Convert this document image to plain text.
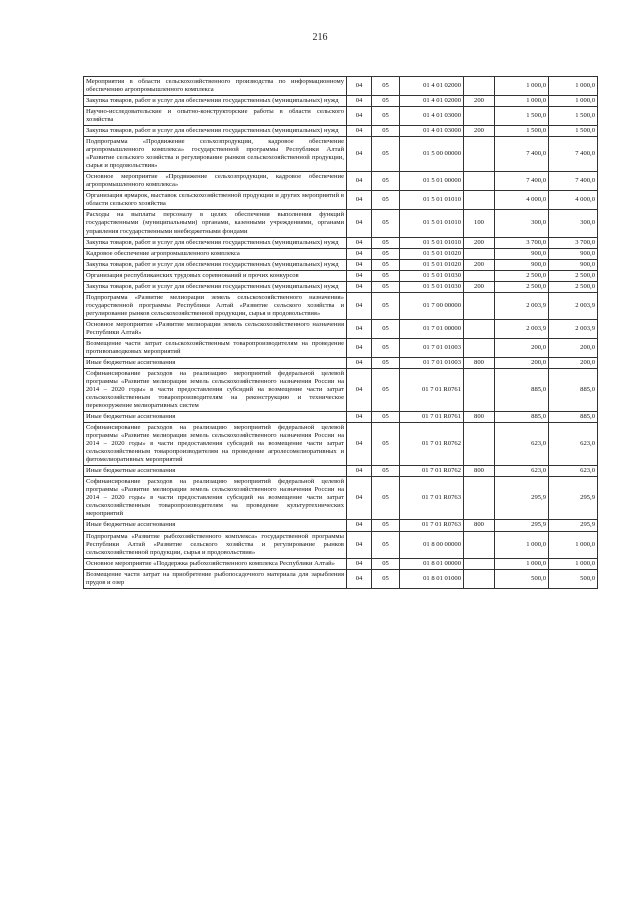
216
Мероприятия в области сельскохозяйственного производства по информационному обеспечению агропромышленного комплекса	04	05	01 4 01 02000		1 000,0	1 000,0
Закупка товаров, работ и услуг для обеспечения государственных (муниципальных) нужд	04	05	01 4 01 02000	200	1 000,0	1 000,0
Научно-исследовательские и опытно-конструкторские работы в области сельского хозяйства	04	05	01 4 01 03000		1 500,0	1 500,0
Закупка товаров, работ и услуг для обеспечения государственных (муниципальных) нужд	04	05	01 4 01 03000	200	1 500,0	1 500,0
Подпрограмма «Продвижение сельхозпродукции, кадровое обеспечение агропромышленного комплекса» государственной программы Республики Алтай «Развитие сельского хозяйства и регулирование рынков сельскохозяйственной продукции, сырья и продовольствия»	04	05	01 5 00 00000		7 400,0	7 400,0
Основное мероприятие «Продвижение сельхозпродукции, кадровое обеспечение агропромышленного комплекса»	04	05	01 5 01 00000		7 400,0	7 400,0
Организация ярмарок, выставок сельскохозяйственной продукции и других мероприятий в области сельского хозяйства	04	05	01 5 01 01010		4 000,0	4 000,0
Расходы на выплаты персоналу в целях обеспечения выполнения функций государственными (муниципальными) органами, казенными учреждениями, органами управления государственными внебюджетными фондами	04	05	01 5 01 01010	100	300,0	300,0
Закупка товаров, работ и услуг для обеспечения государственных (муниципальных) нужд	04	05	01 5 01 01010	200	3 700,0	3 700,0
Кадровое обеспечение агропромышленного комплекса	04	05	01 5 01 01020		900,0	900,0
Закупка товаров, работ и услуг для обеспечения государственных (муниципальных) нужд	04	05	01 5 01 01020	200	900,0	900,0
Организация республиканских трудовых соревнований и прочих конкурсов	04	05	01 5 01 01030		2 500,0	2 500,0
Закупка товаров, работ и услуг для обеспечения государственных (муниципальных) нужд	04	05	01 5 01 01030	200	2 500,0	2 500,0
Подпрограмма «Развитие мелиорации земель сельскохозяйственного назначения» государственной программы Республики Алтай «Развитие сельского хозяйства и регулирование рынков сельскохозяйственной продукции, сырья и продовольствия»	04	05	01 7 00 00000		2 003,9	2 003,9
Основное мероприятие «Развитие мелиорации земель сельскохозяйственного назначения Республики Алтай»	04	05	01 7 01 00000		2 003,9	2 003,9
Возмещение части затрат сельскохозяйственным товаропроизводителям на проведение противопаводковых мероприятий	04	05	01 7 01 01003		200,0	200,0
Иные бюджетные ассигнования	04	05	01 7 01 01003	800	200,0	200,0
Софинансирование расходов на реализацию мероприятий федеральной целевой программы «Развитие мелиорации земель сельскохозяйственного назначения России на 2014 – 2020 годы» в части предоставления субсидий на возмещение части затрат сельскохозяйственным товаропроизводителям на реконструкцию и техническое перевооружение мелиоративных систем	04	05	01 7 01 R0761		885,0	885,0
Иные бюджетные ассигнования	04	05	01 7 01 R0761	800	885,0	885,0
Софинансирование расходов на реализацию мероприятий федеральной целевой программы «Развитие мелиорации земель сельскохозяйственного назначения России на 2014 – 2020 годы» в части предоставления субсидий на возмещение части затрат сельскохозяйственным товаропроизводителям на проведение агролесомелиоративных и фитомелиоративных мероприятий	04	05	01 7 01 R0762		623,0	623,0
Иные бюджетные ассигнования	04	05	01 7 01 R0762	800	623,0	623,0
Софинансирование расходов на реализацию мероприятий федеральной целевой программы «Развитие мелиорации земель сельскохозяйственного назначения России на 2014 – 2020 годы» в части предоставления субсидий на возмещение части затрат сельскохозяйственным товаропроизводителям на проведение культуртехнических мероприятий	04	05	01 7 01 R0763		295,9	295,9
Иные бюджетные ассигнования	04	05	01 7 01 R0763	800	295,9	295,9
Подпрограмма «Развитие рыбохозяйственного комплекса» государственной программы Республики Алтай «Развитие сельского хозяйства и регулирование рынков сельскохозяйственной продукции, сырья и продовольствия»	04	05	01 8 00 00000		1 000,0	1 000,0
Основное мероприятие «Поддержка рыбохозяйственного комплекса Республики Алтай»	04	05	01 8 01 00000		1 000,0	1 000,0
Возмещение части затрат на приобретение рыбопосадочного материала для зарыбления прудов и озер	04	05	01 8 01 01000		500,0	500,0
